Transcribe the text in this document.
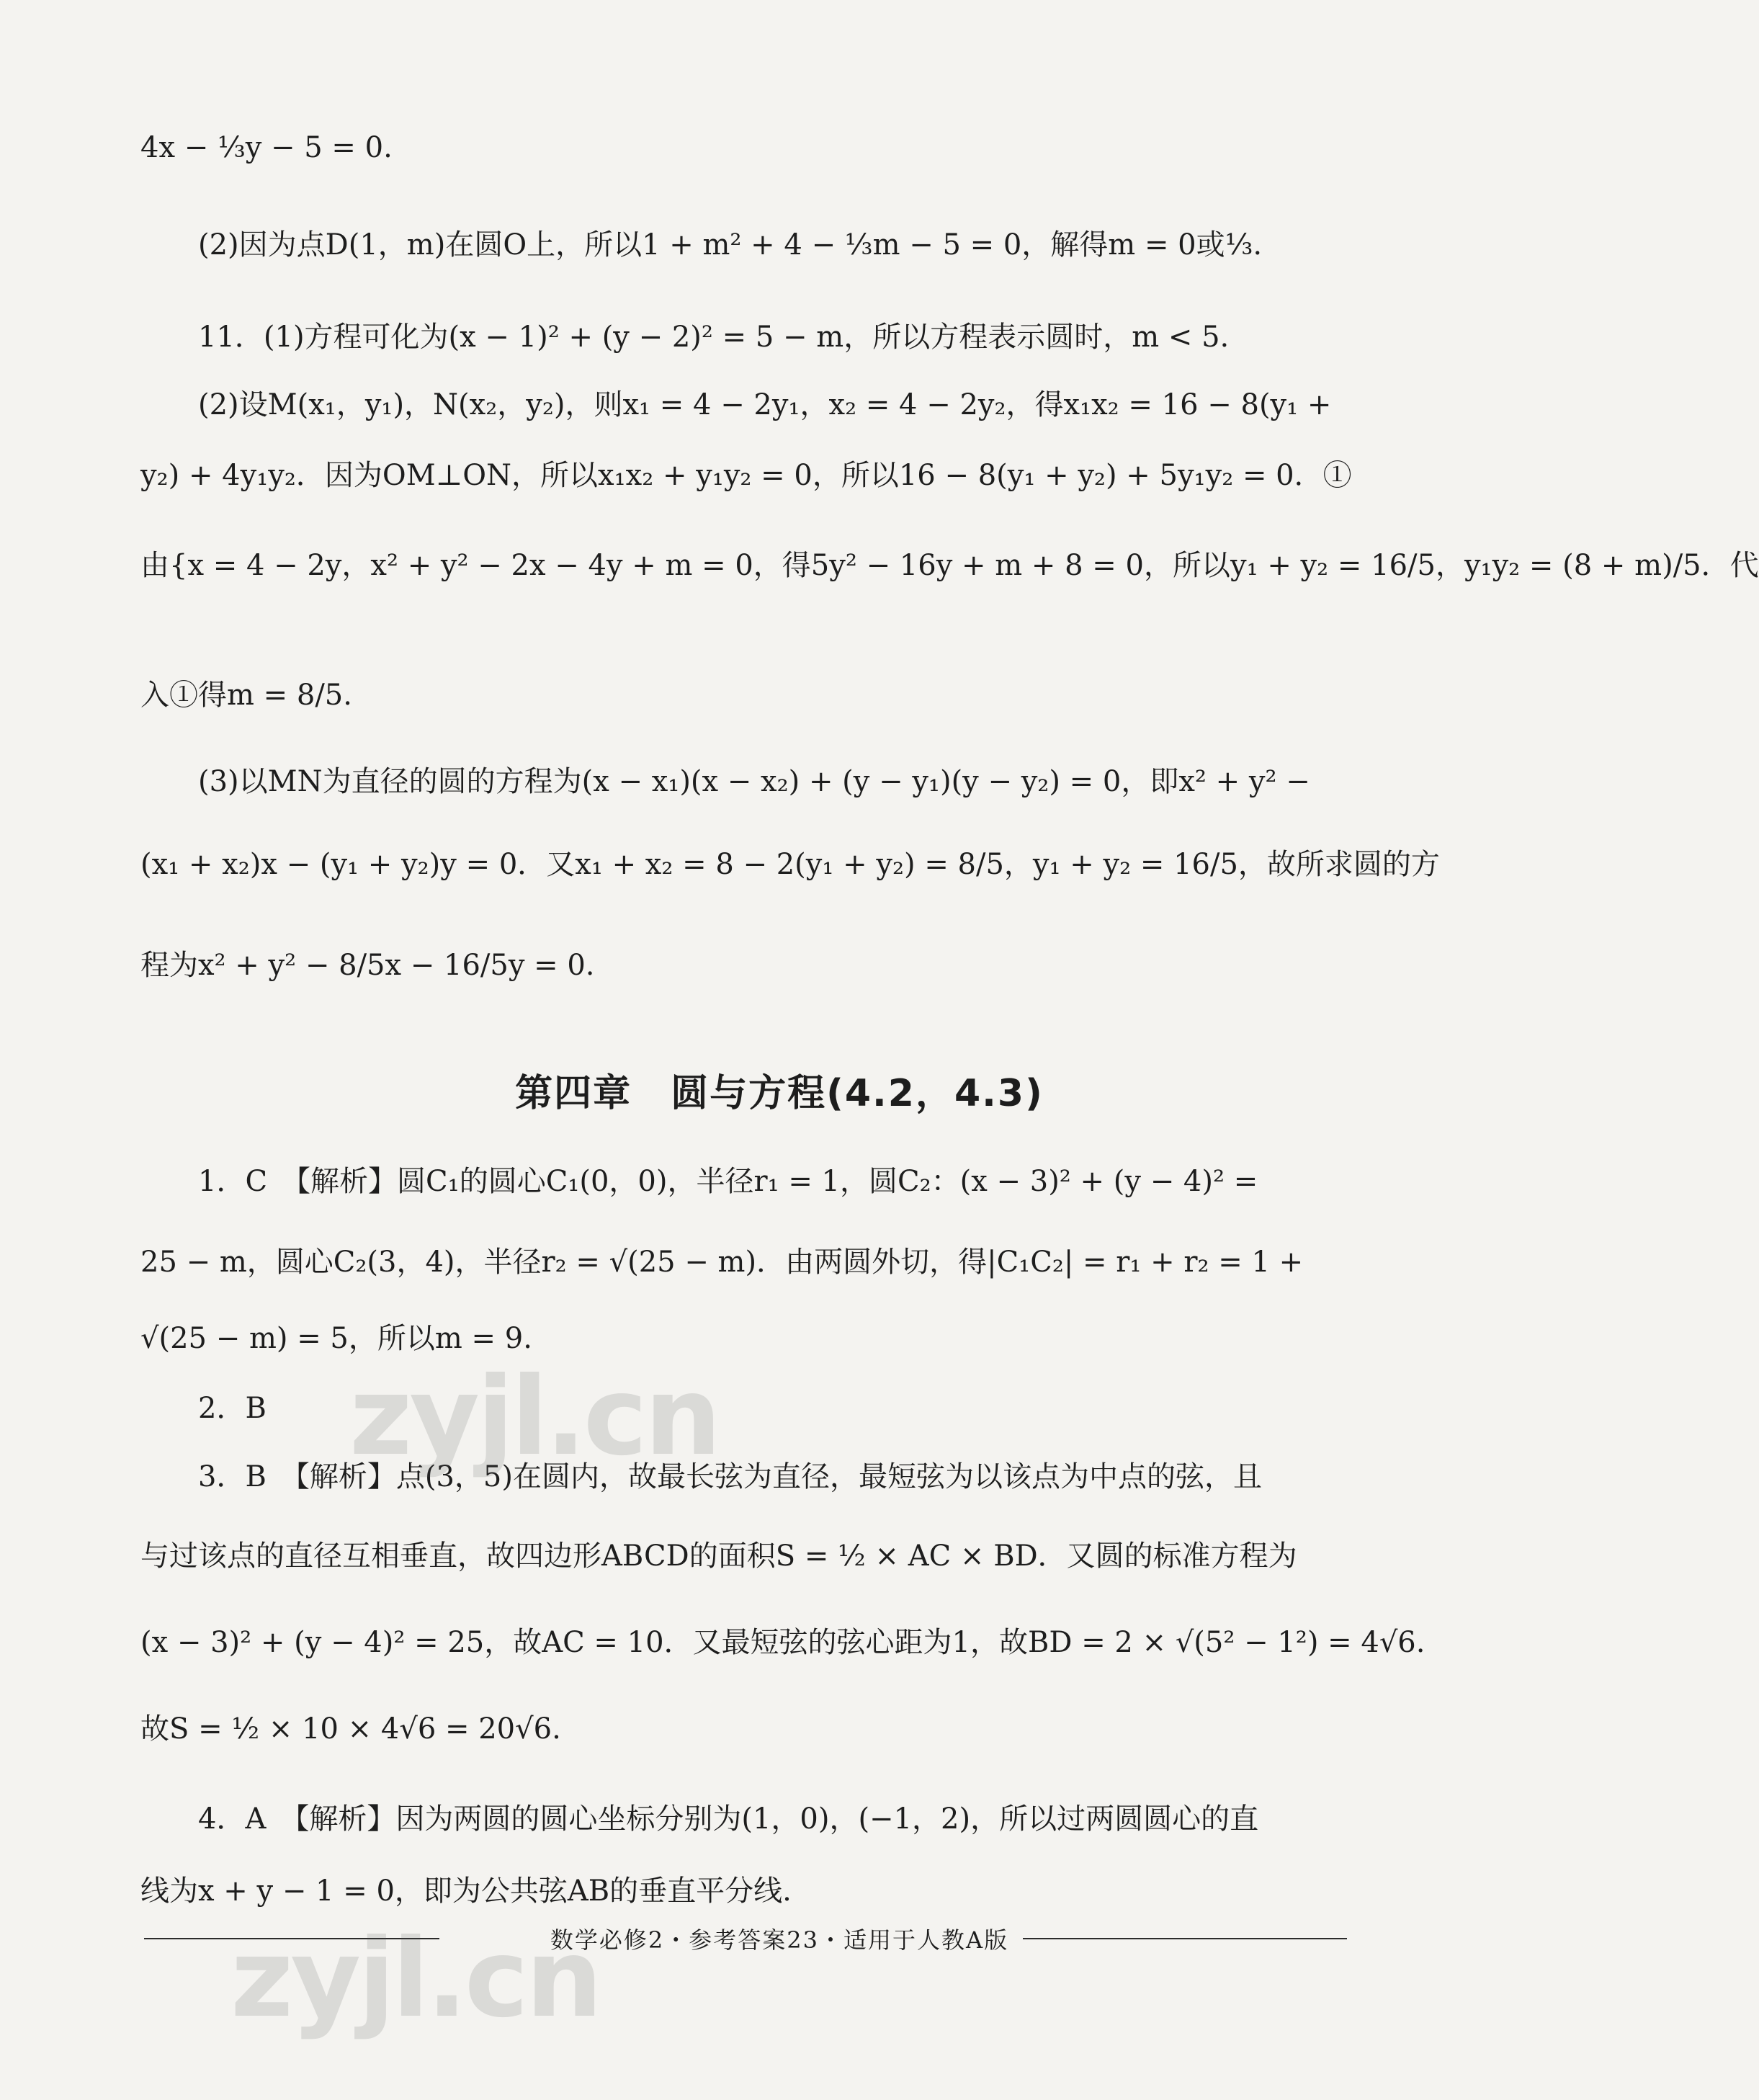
4x − ⅓y − 5 = 0.
(2)因为点D(1，m)在圆O上，所以1 + m² + 4 − ⅓m − 5 = 0，解得m = 0或⅓.
11．(1)方程可化为(x − 1)² + (y − 2)² = 5 − m，所以方程表示圆时，m < 5.
(2)设M(x₁，y₁)，N(x₂，y₂)，则x₁ = 4 − 2y₁，x₂ = 4 − 2y₂，得x₁x₂ = 16 − 8(y₁ +
y₂) + 4y₁y₂．因为OM⊥ON，所以x₁x₂ + y₁y₂ = 0，所以16 − 8(y₁ + y₂) + 5y₁y₂ = 0．①
由{x = 4 − 2y，x² + y² − 2x − 4y + m = 0，得5y² − 16y + m + 8 = 0，所以y₁ + y₂ = 16/5，y₁y₂ = (8 + m)/5．代
入①得m = 8/5.
(3)以MN为直径的圆的方程为(x − x₁)(x − x₂) + (y − y₁)(y − y₂) = 0，即x² + y² −
(x₁ + x₂)x − (y₁ + y₂)y = 0．又x₁ + x₂ = 8 − 2(y₁ + y₂) = 8/5，y₁ + y₂ = 16/5，故所求圆的方
程为x² + y² − 8/5x − 16/5y = 0.
第四章　圆与方程(4.2，4.3)
1．C　【解析】圆C₁的圆心C₁(0，0)，半径r₁ = 1，圆C₂：(x − 3)² + (y − 4)² =
25 − m，圆心C₂(3，4)，半径r₂ = √(25 − m)．由两圆外切，得|C₁C₂| = r₁ + r₂ = 1 +
√(25 − m) = 5，所以m = 9.
2．B
3．B　【解析】点(3，5)在圆内，故最长弦为直径，最短弦为以该点为中点的弦，且
与过该点的直径互相垂直，故四边形ABCD的面积S = ½ × AC × BD．又圆的标准方程为
(x − 3)² + (y − 4)² = 25，故AC = 10．又最短弦的弦心距为1，故BD = 2 × √(5² − 1²) = 4√6.
故S = ½ × 10 × 4√6 = 20√6.
4．A　【解析】因为两圆的圆心坐标分别为(1，0)，(−1，2)，所以过两圆圆心的直
线为x + y − 1 = 0，即为公共弦AB的垂直平分线.
数学必修2・参考答案23・适用于人教A版
zyjl.cn
zyjl.cn
